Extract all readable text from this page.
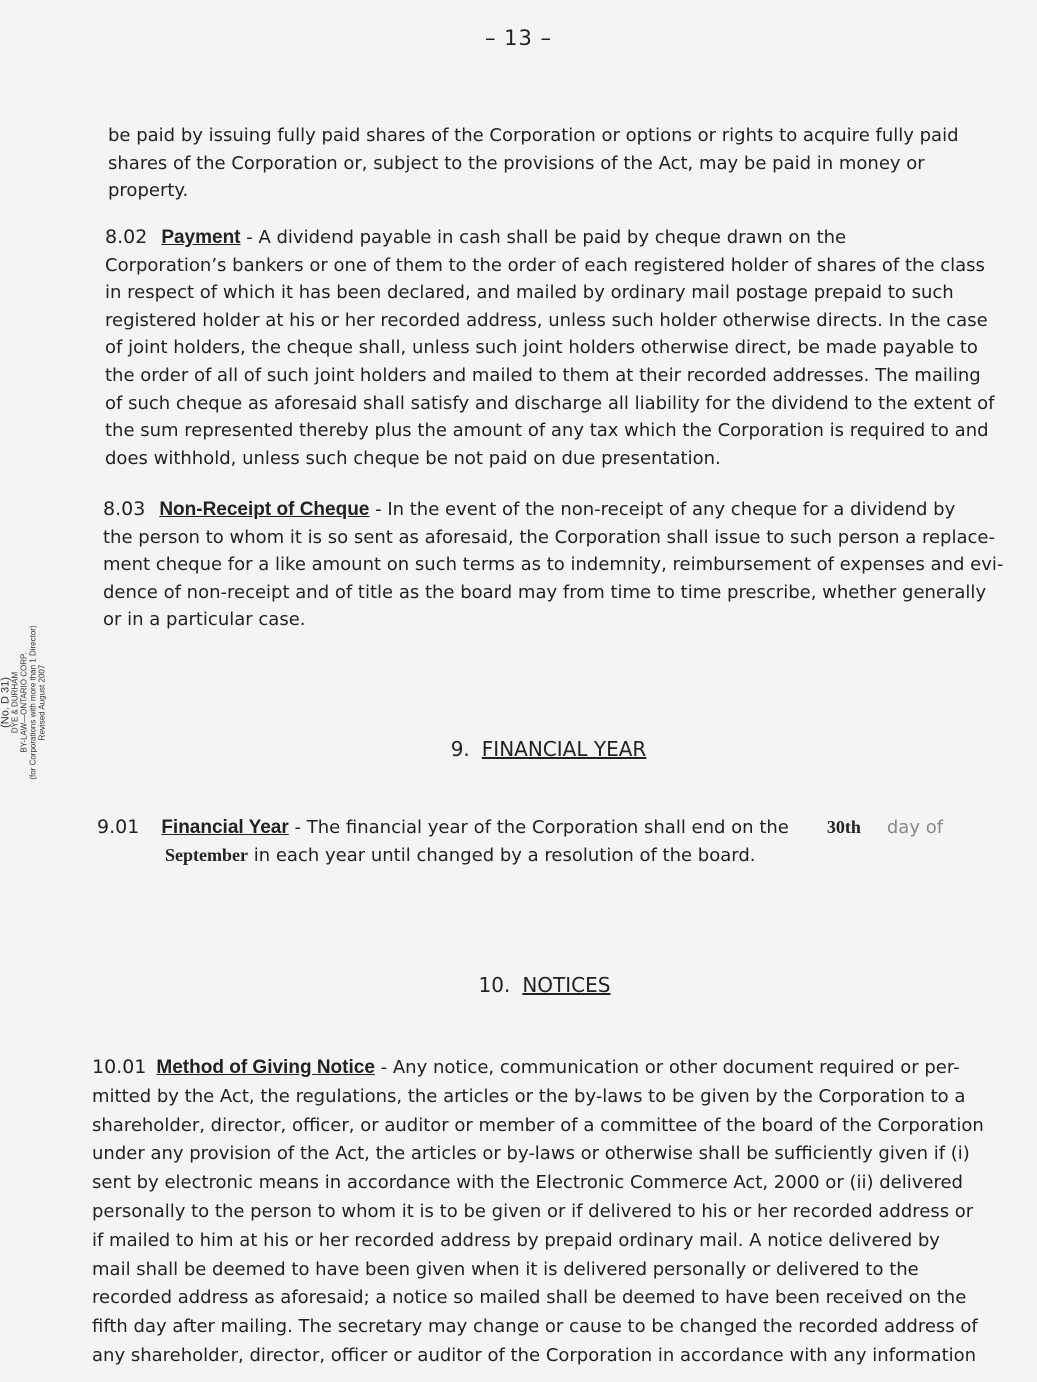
– 13 –
(No. D 31) DYE & DURHAM BY-LAW—ONTARIO CORP. (for Corporations with more than 1 Director) Revised August 2007
be paid by issuing fully paid shares of the Corporation or options or rights to acquire fully paid
shares of the Corporation or, subject to the provisions of the Act, may be paid in money or
property.
8.02 Payment - A dividend payable in cash shall be paid by cheque drawn on the
Corporation’s bankers or one of them to the order of each registered holder of shares of the class
in respect of which it has been declared, and mailed by ordinary mail postage prepaid to such
registered holder at his or her recorded address, unless such holder otherwise directs. In the case
of joint holders, the cheque shall, unless such joint holders otherwise direct, be made payable to
the order of all of such joint holders and mailed to them at their recorded addresses. The mailing
of such cheque as aforesaid shall satisfy and discharge all liability for the dividend to the extent of
the sum represented thereby plus the amount of any tax which the Corporation is required to and
does withhold, unless such cheque be not paid on due presentation.
8.03 Non-Receipt of Cheque - In the event of the non-receipt of any cheque for a dividend by
the person to whom it is so sent as aforesaid, the Corporation shall issue to such person a replace-
ment cheque for a like amount on such terms as to indemnity, reimbursement of expenses and evi-
dence of non-receipt and of title as the board may from time to time prescribe, whether generally
or in a particular case.
9. FINANCIAL YEAR
9.01 Financial Year - The financial year of the Corporation shall end on the 30th day of
September in each year until changed by a resolution of the board.
10. NOTICES
10.01 Method of Giving Notice - Any notice, communication or other document required or per-
mitted by the Act, the regulations, the articles or the by-laws to be given by the Corporation to a
shareholder, director, officer, or auditor or member of a committee of the board of the Corporation
under any provision of the Act, the articles or by-laws or otherwise shall be sufficiently given if (i)
sent by electronic means in accordance with the Electronic Commerce Act, 2000 or (ii) delivered
personally to the person to whom it is to be given or if delivered to his or her recorded address or
if mailed to him at his or her recorded address by prepaid ordinary mail. A notice delivered by
mail shall be deemed to have been given when it is delivered personally or delivered to the
recorded address as aforesaid; a notice so mailed shall be deemed to have been received on the
fifth day after mailing. The secretary may change or cause to be changed the recorded address of
any shareholder, director, officer or auditor of the Corporation in accordance with any information
